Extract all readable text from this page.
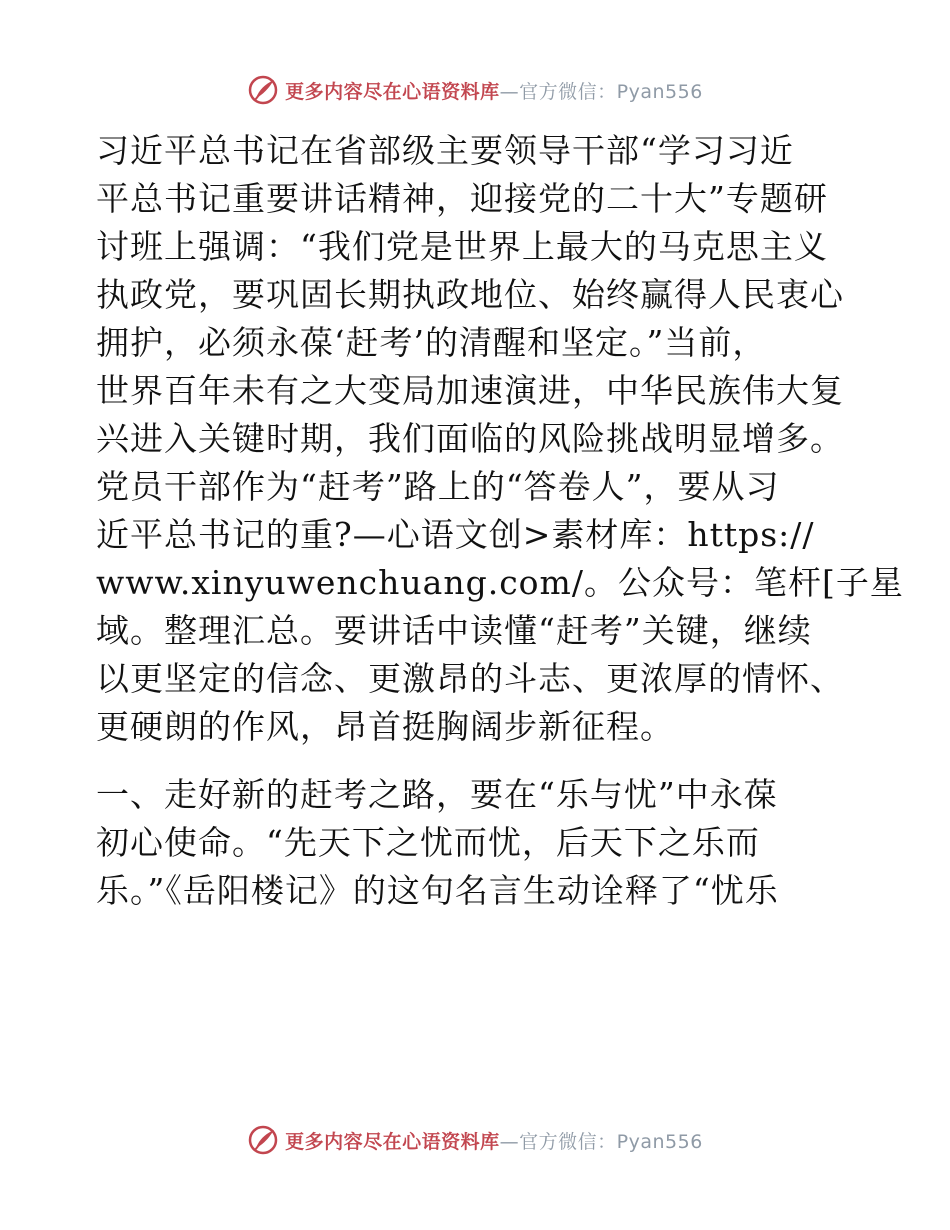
更多内容尽在心语资料库—官方微信：Pyan556
习近平总书记在省部级主要领导干部“学习习近
平总书记重要讲话精神，迎接党的二十大”专题研
讨班上强调：“我们党是世界上最大的马克思主义
执政党，要巩固长期执政地位、始终赢得人民衷心
拥护，必须永葆‘赶考’的清醒和坚定。”当前，
世界百年未有之大变局加速演进，中华民族伟大复
兴进入关键时期，我们面临的风险挑战明显增多。
党员干部作为“赶考”路上的“答卷人”，要从习
近平总书记的重?—心语文创>素材库：https://
www.xinyuwenchuang.com/。公众号：笔杆[子星
域。整理汇总。要讲话中读懂“赶考”关键，继续
以更坚定的信念、更激昂的斗志、更浓厚的情怀、
更硬朗的作风，昂首挺胸阔步新征程。
一、走好新的赶考之路，要在“乐与忧”中永葆
初心使命。“先天下之忧而忧，后天下之乐而
乐。”《岳阳楼记》的这句名言生动诠释了“忧乐
更多内容尽在心语资料库—官方微信：Pyan556
